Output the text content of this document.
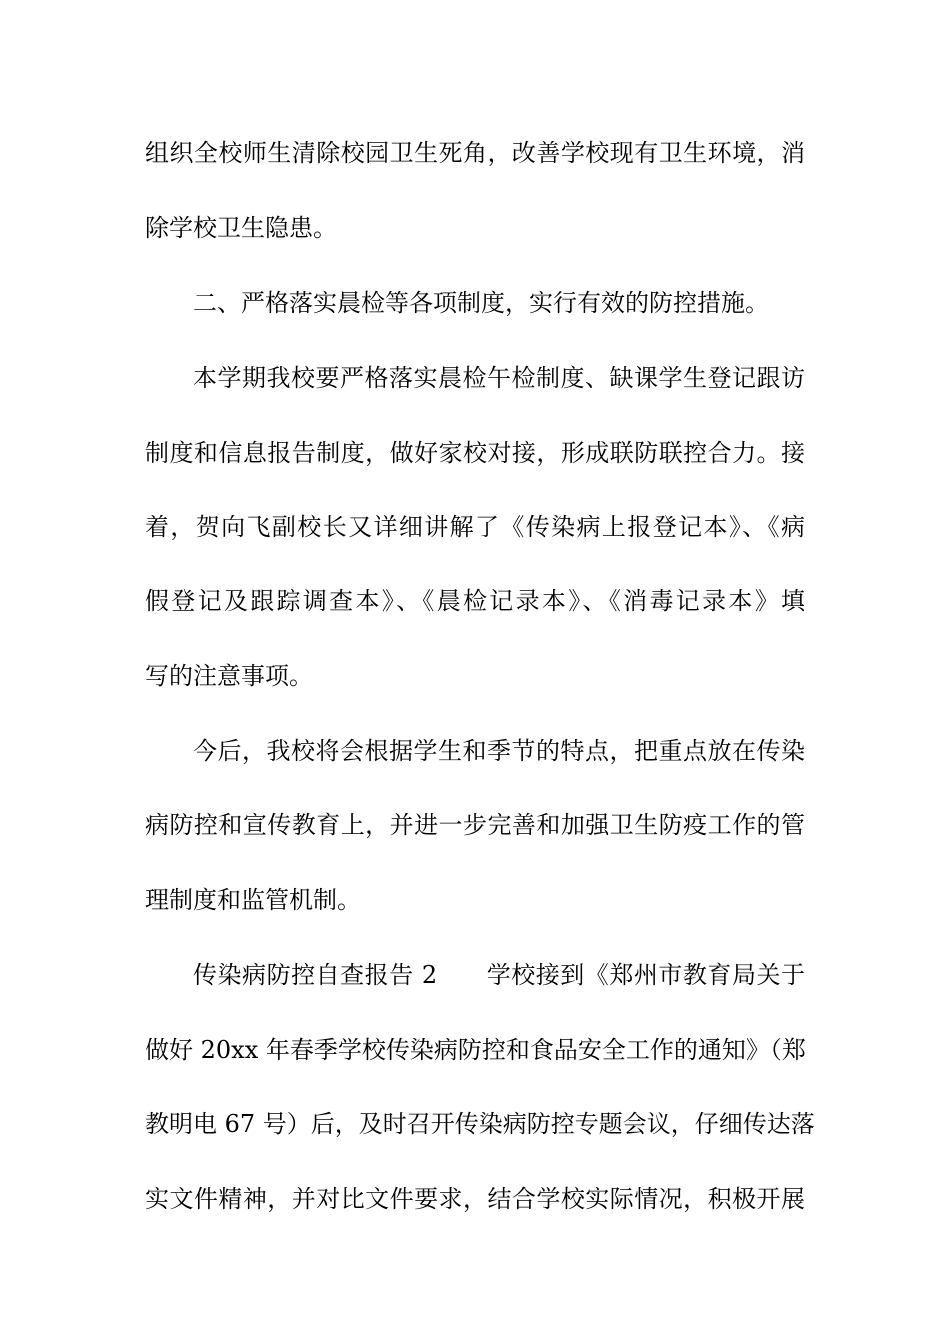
组织全校师生清除校园卫生死角，改善学校现有卫生环境，消
除学校卫生隐患。
二、严格落实晨检等各项制度，实行有效的防控措施。
本学期我校要严格落实晨检午检制度、缺课学生登记跟访
制度和信息报告制度，做好家校对接，形成联防联控合力。接
着，贺向飞副校长又详细讲解了《传染病上报登记本》、《病
假登记及跟踪调查本》、《晨检记录本》、《消毒记录本》填
写的注意事项。
今后，我校将会根据学生和季节的特点，把重点放在传染
病防控和宣传教育上，并进一步完善和加强卫生防疫工作的管
理制度和监管机制。
传染病防控自查报告 2　　学校接到《郑州市教育局关于
做好 20xx 年春季学校传染病防控和食品安全工作的通知》（郑
教明电 67 号）后，及时召开传染病防控专题会议，仔细传达落
实文件精神，并对比文件要求，结合学校实际情况，积极开展
